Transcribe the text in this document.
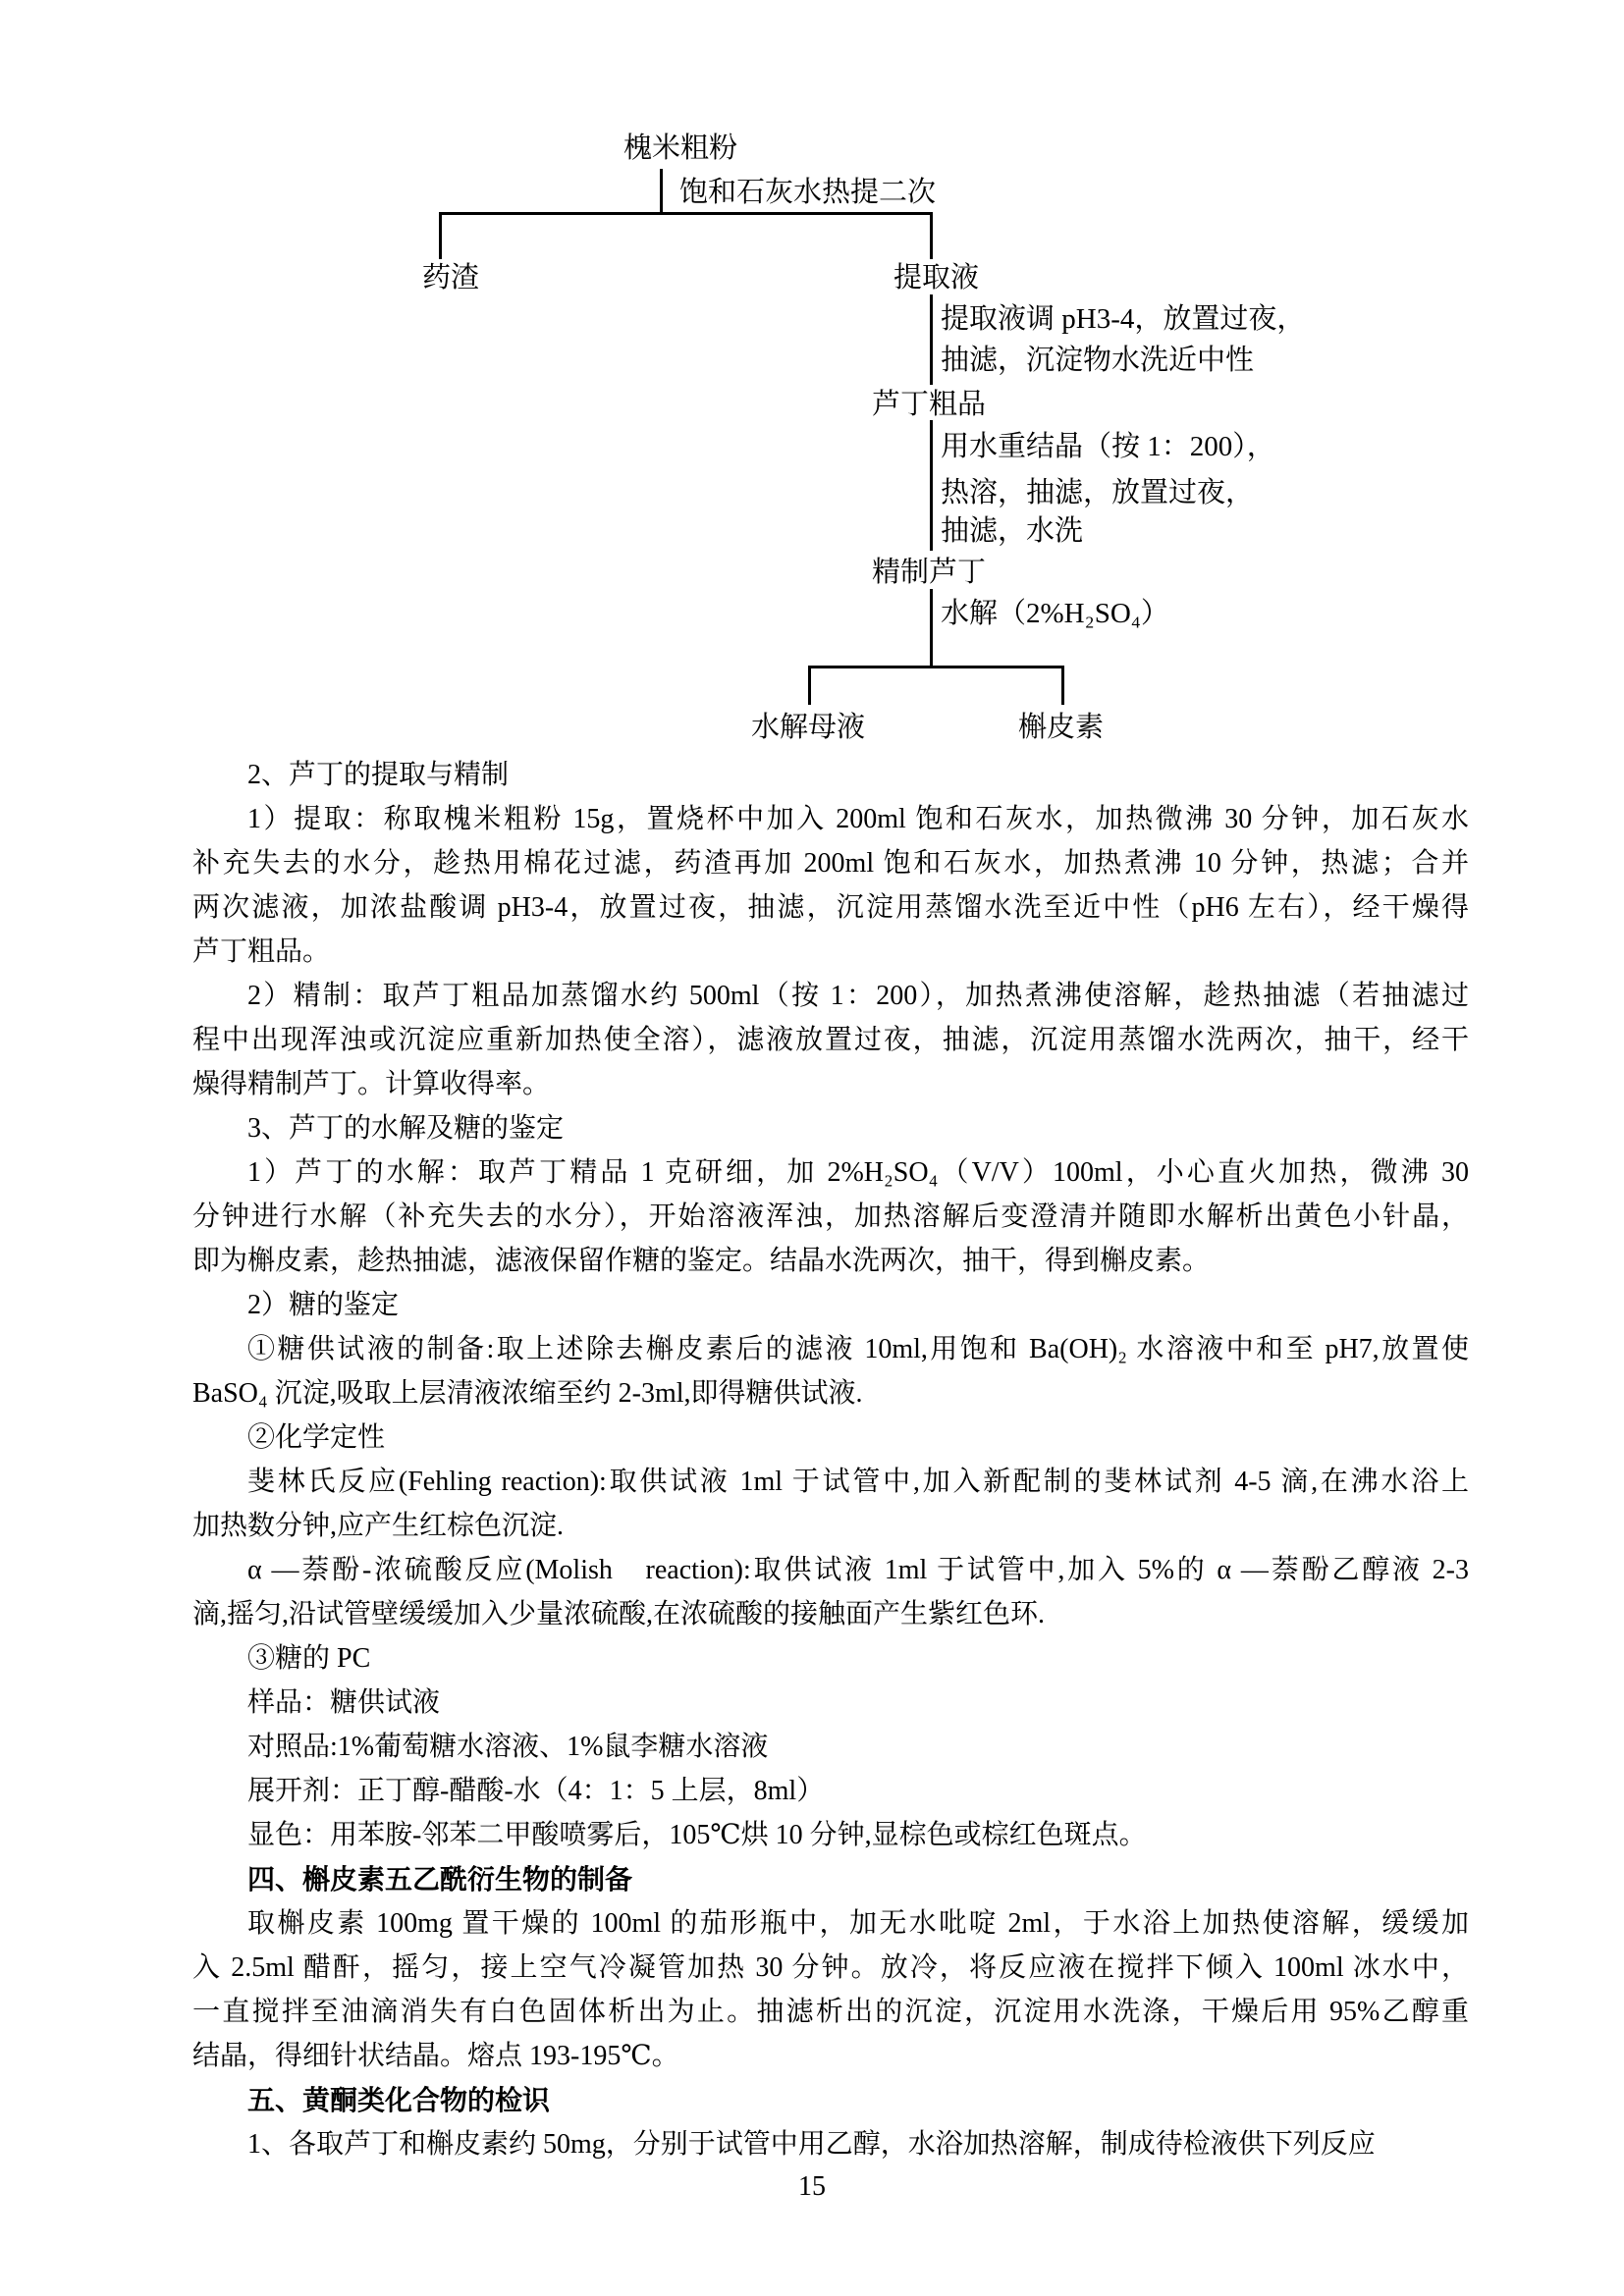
槐米粗粉
饱和石灰水热提二次
药渣	提取液
提取液调 pH3-4，放置过夜，
抽滤，沉淀物水洗近中性
芦丁粗品
用水重结晶（按 1：200），
热溶，抽滤，放置过夜，
抽滤，水洗
精制芦丁
水解（2%H₂SO₄）
水解母液	槲皮素
2、芦丁的提取与精制
1）提取：称取槐米粗粉 15g，置烧杯中加入 200ml 饱和石灰水，加热微沸 30 分钟，加石灰水
补充失去的水分，趁热用棉花过滤，药渣再加 200ml 饱和石灰水，加热煮沸 10 分钟，热滤；合并
两次滤液，加浓盐酸调 pH3-4，放置过夜，抽滤，沉淀用蒸馏水洗至近中性（pH6 左右），经干燥得
芦丁粗品。
2）精制：取芦丁粗品加蒸馏水约 500ml（按 1：200），加热煮沸使溶解，趁热抽滤（若抽滤过
程中出现浑浊或沉淀应重新加热使全溶），滤液放置过夜，抽滤，沉淀用蒸馏水洗两次，抽干，经干
燥得精制芦丁。计算收得率。
3、芦丁的水解及糖的鉴定
1）芦丁的水解：取芦丁精品 1 克研细，加 2%H₂SO₄（V/V）100ml，小心直火加热，微沸 30
分钟进行水解（补充失去的水分），开始溶液浑浊，加热溶解后变澄清并随即水解析出黄色小针晶，
即为槲皮素，趁热抽滤，滤液保留作糖的鉴定。结晶水洗两次，抽干，得到槲皮素。
2）糖的鉴定
①糖供试液的制备:取上述除去槲皮素后的滤液 10ml,用饱和 Ba(OH)₂ 水溶液中和至 pH7,放置使
BaSO₄ 沉淀,吸取上层清液浓缩至约 2-3ml,即得糖供试液.
②化学定性
斐林氏反应(Fehling reaction):取供试液 1ml 于试管中,加入新配制的斐林试剂 4-5 滴,在沸水浴上
加热数分钟,应产生红棕色沉淀.
α —萘酚-浓硫酸反应(Molish　reaction):取供试液 1ml 于试管中,加入 5%的 α —萘酚乙醇液 2-3
滴,摇匀,沿试管壁缓缓加入少量浓硫酸,在浓硫酸的接触面产生紫红色环.
③糖的 PC
样品：糖供试液
对照品:1%葡萄糖水溶液、1%鼠李糖水溶液
展开剂：正丁醇-醋酸-水（4：1：5 上层，8ml）
显色：用苯胺-邻苯二甲酸喷雾后，105℃烘 10 分钟,显棕色或棕红色斑点。
四、槲皮素五乙酰衍生物的制备
取槲皮素 100mg 置干燥的 100ml 的茄形瓶中，加无水吡啶 2ml，于水浴上加热使溶解，缓缓加
入 2.5ml 醋酐，摇匀，接上空气冷凝管加热 30 分钟。放冷，将反应液在搅拌下倾入 100ml 冰水中，
一直搅拌至油滴消失有白色固体析出为止。抽滤析出的沉淀，沉淀用水洗涤，干燥后用 95%乙醇重
结晶，得细针状结晶。熔点 193-195℃。
五、黄酮类化合物的检识
1、各取芦丁和槲皮素约 50mg，分别于试管中用乙醇，水浴加热溶解，制成待检液供下列反应
15
